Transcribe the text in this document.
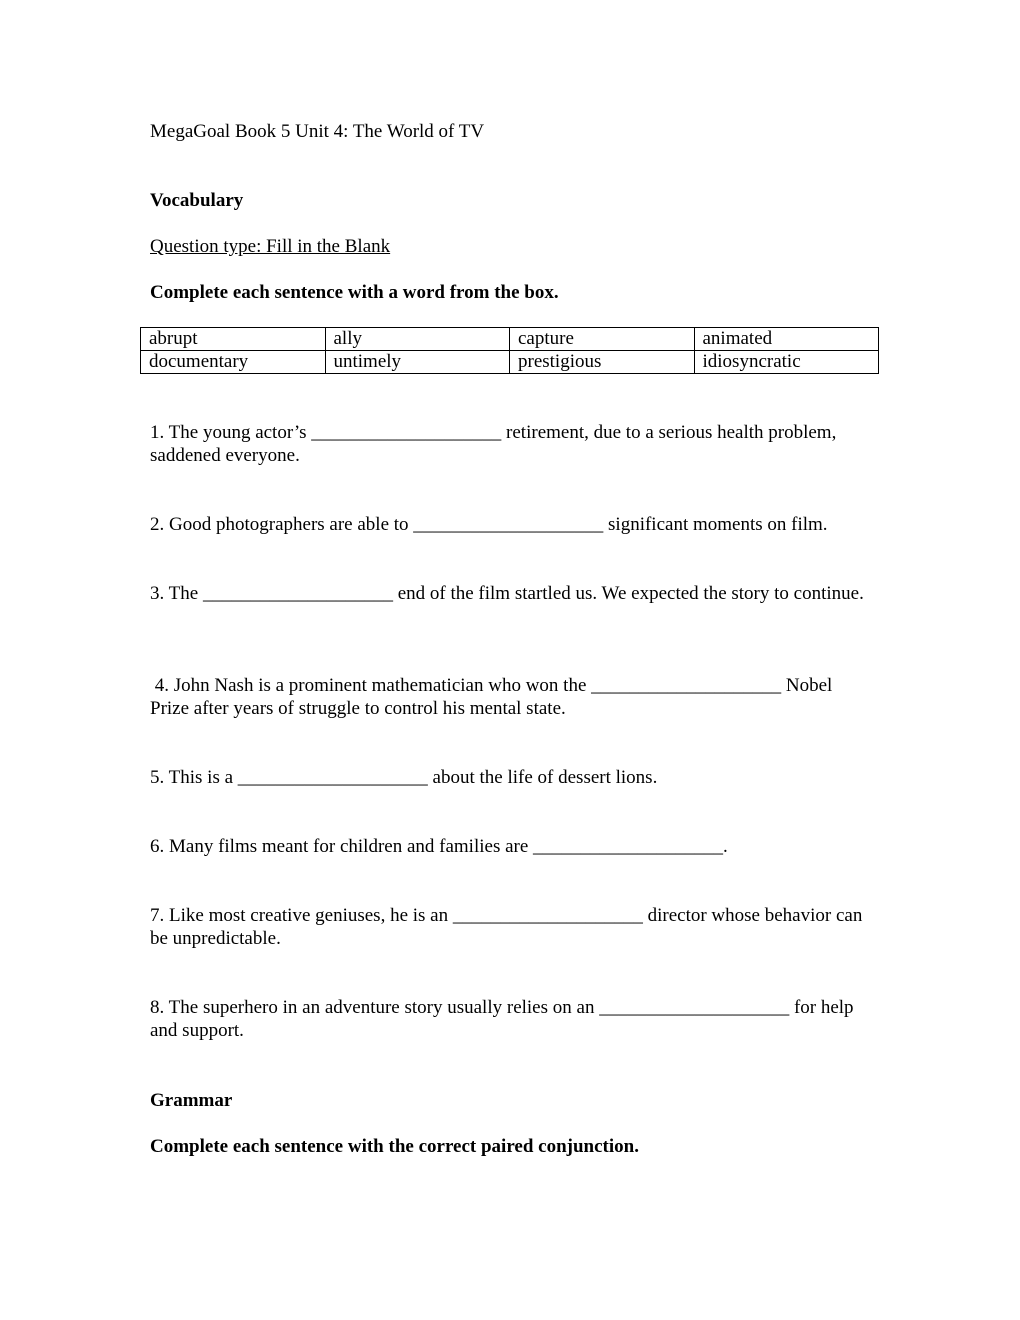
MegaGoal Book 5 Unit 4: The World of TV

Vocabulary

Question type: Fill in the Blank

Complete each sentence with a word from the box.

abrupt	ally	capture	animated
documentary	untimely	prestigious	idiosyncratic

1. The young actor’s ____________________ retirement, due to a serious health problem, saddened everyone.

2. Good photographers are able to ____________________ significant moments on film.

3. The ____________________ end of the film startled us. We expected the story to continue.

4. John Nash is a prominent mathematician who won the ____________________ Nobel Prize after years of struggle to control his mental state.

5. This is a ____________________ about the life of dessert lions.

6. Many films meant for children and families are ____________________.

7. Like most creative geniuses, he is an ____________________ director whose behavior can be unpredictable.

8. The superhero in an adventure story usually relies on an ____________________ for help and support.

Grammar

Complete each sentence with the correct paired conjunction.
